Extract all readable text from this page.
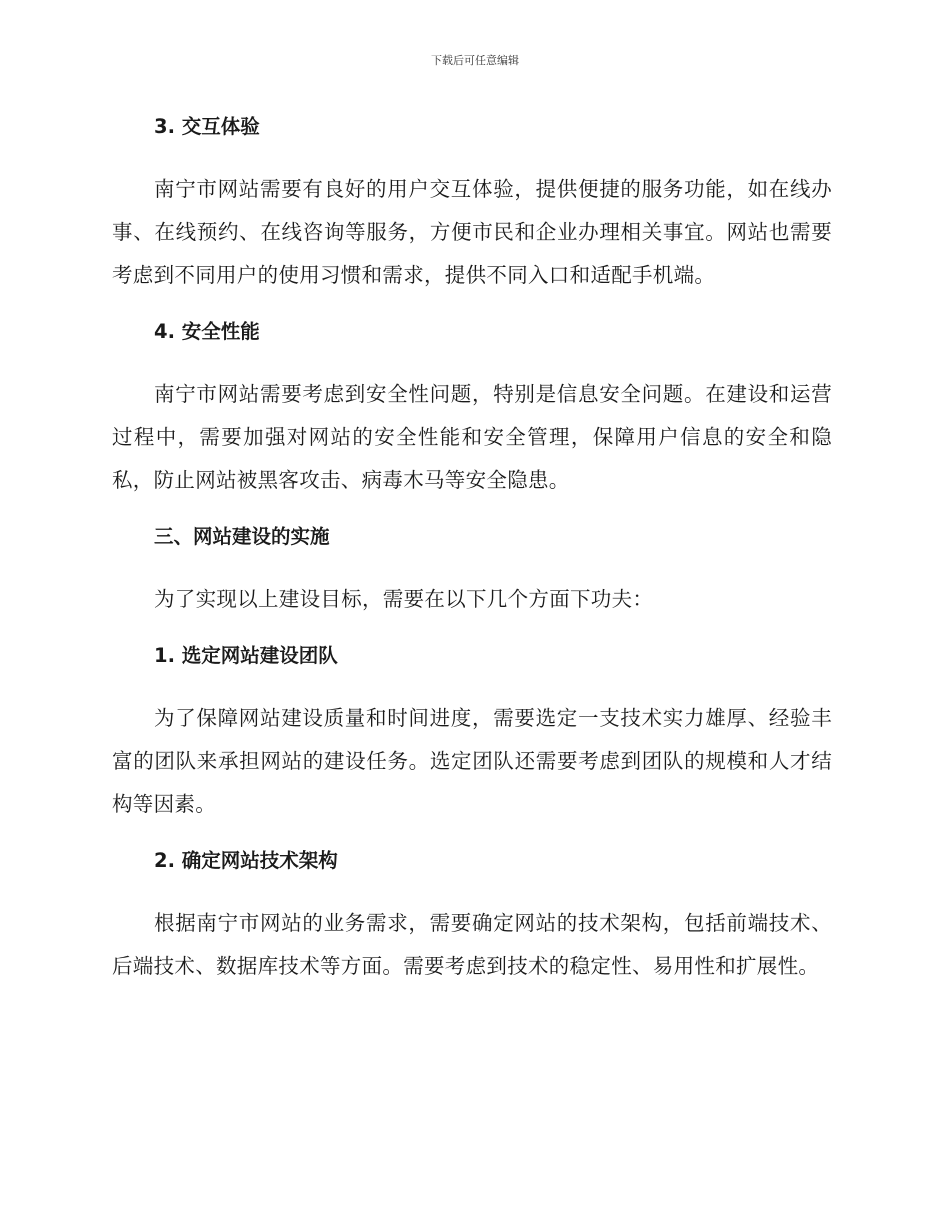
下载后可任意编辑
3. 交互体验

南宁市网站需要有良好的用户交互体验，提供便捷的服务功能，如在线办事、在线预约、在线咨询等服务，方便市民和企业办理相关事宜。网站也需要考虑到不同用户的使用习惯和需求，提供不同入口和适配手机端。

4. 安全性能

南宁市网站需要考虑到安全性问题，特别是信息安全问题。在建设和运营过程中，需要加强对网站的安全性能和安全管理，保障用户信息的安全和隐私，防止网站被黑客攻击、病毒木马等安全隐患。

三、网站建设的实施

为了实现以上建设目标，需要在以下几个方面下功夫：

1. 选定网站建设团队

为了保障网站建设质量和时间进度，需要选定一支技术实力雄厚、经验丰富的团队来承担网站的建设任务。选定团队还需要考虑到团队的规模和人才结构等因素。

2. 确定网站技术架构

根据南宁市网站的业务需求，需要确定网站的技术架构，包括前端技术、后端技术、数据库技术等方面。需要考虑到技术的稳定性、易用性和扩展性。
